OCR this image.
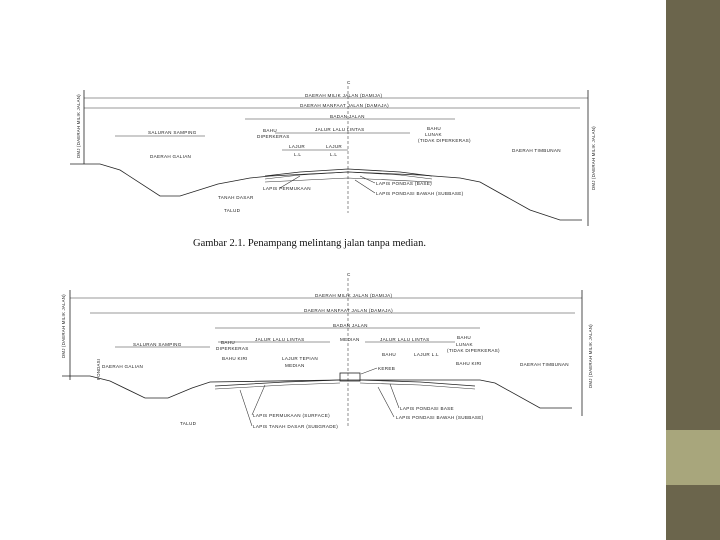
C
DAERAH MILIK JALAN (DAMIJA)
DAERAH MANFAAT JALAN (DAMAJA)
BADAN JALAN
SALURAN SAMPING	BAHU
DIPERKERAS
JALUR LALU LINTAS	BAHU
LUNAK
(TIDAK DIPERKERAS)
LAJUR
L.L
LAJUR
L.L
DAERAH GALIAN
DAERAH TIMBUNAN
DMJ (DAERAH MILIK JALAN)
DMJ (DAERAH MILIK JALAN)
LAPIS PERMUKAAN
LAPIS PONDAS (BASE)
LAPIS PONDASI BAWAH (SUBBASE)
TANAH DASAR
TALUD
Gambar 2.1. Penampang melintang jalan tanpa median.
C
DAERAH MILIK JALAN (DAMIJA)
DAERAH MANFAAT JALAN (DAMAJA)
BADAN JALAN
SALURAN SAMPING	BAHU
DIPERKERAS
JALUR LALU LINTAS	MEDIAN	JALUR LALU LINTAS	BAHU
LUNAK
(TIDAK DIPERKERAS)
BAHU KIRI	LAJUR TEPIAN
MEDIAN
BAHU	LAJUR L.L
BAHU KIRI
DAERAH GALIAN	DAERAH TIMBUNAN
DMJ (DAERAH MILIK JALAN)
PONDASI	DMJ (DAERAH MILIK JALAN)
KEREB
LAPIS PONDASI BASE
LAPIS PONDASI BAWAH (SUBBASE)
LAPIS PERMUKAAN (SURFACE)
LAPIS TANAH DASAR (SUBGRADE)
TALUD
